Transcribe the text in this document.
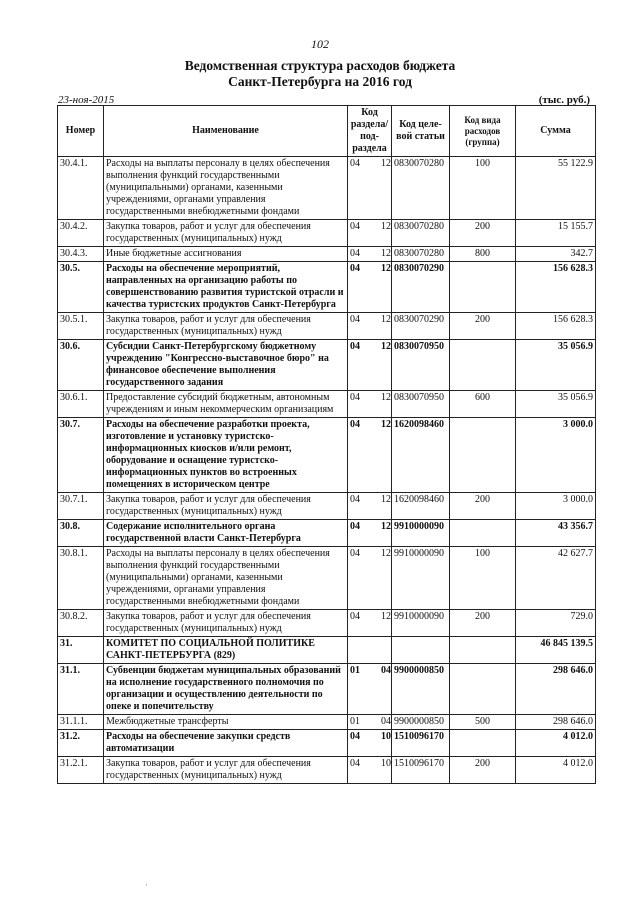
102
Ведомственная структура расходов бюджета
Санкт-Петербурга на 2016 год
23-ноя-2015	(тыс. руб.)
Номер	Наименование	Код раздела/ под- раздела	Код целе- вой статьи	Код вида расходов (группа)	Сумма
30.4.1.	Расходы на выплаты персоналу в целях обеспечения выполнения функций государственными (муниципальными) органами, казенными учреждениями, органами управления государственными внебюджетными фондами	04 12	0830070280	100	55 122.9
30.4.2.	Закупка товаров, работ и услуг для обеспечения государственных (муниципальных) нужд	04 12	0830070280	200	15 155.7
30.4.3.	Иные бюджетные ассигнования	04 12	0830070280	800	342.7
30.5.	Расходы на обеспечение мероприятий, направленных на организацию работы по совершенствованию развития туристской отрасли и качества туристских продуктов Санкт-Петербурга	04 12	0830070290		156 628.3
30.5.1.	Закупка товаров, работ и услуг для обеспечения государственных (муниципальных) нужд	04 12	0830070290	200	156 628.3
30.6.	Субсидии Санкт-Петербургскому бюджетному учреждению "Конгрессно-выставочное бюро" на финансовое обеспечение выполнения государственного задания	04 12	0830070950		35 056.9
30.6.1.	Предоставление субсидий бюджетным, автономным учреждениям и иным некоммерческим организациям	04 12	0830070950	600	35 056.9
30.7.	Расходы на обеспечение разработки проекта, изготовление и установку туристско-информационных киосков и/или ремонт, оборудование и оснащение туристско-информационных пунктов во встроенных помещениях в историческом центре	04 12	1620098460		3 000.0
30.7.1.	Закупка товаров, работ и услуг для обеспечения государственных (муниципальных) нужд	04 12	1620098460	200	3 000.0
30.8.	Содержание исполнительного органа государственной власти Санкт-Петербурга	04 12	9910000090		43 356.7
30.8.1.	Расходы на выплаты персоналу в целях обеспечения выполнения функций государственными (муниципальными) органами, казенными учреждениями, органами управления государственными внебюджетными фондами	04 12	9910000090	100	42 627.7
30.8.2.	Закупка товаров, работ и услуг для обеспечения государственных (муниципальных) нужд	04 12	9910000090	200	729.0
31.	КОМИТЕТ ПО СОЦИАЛЬНОЙ ПОЛИТИКЕ САНКТ-ПЕТЕРБУРГА (829)				46 845 139.5
31.1.	Субвенции бюджетам муниципальных образований на исполнение государственного полномочия по организации и осуществлению деятельности по опеке и попечительству	01 04	9900000850		298 646.0
31.1.1.	Межбюджетные трансферты	01 04	9900000850	500	298 646.0
31.2.	Расходы на обеспечение закупки средств автоматизации	04 10	1510096170		4 012.0
31.2.1.	Закупка товаров, работ и услуг для обеспечения государственных (муниципальных) нужд	04 10	1510096170	200	4 012.0
·
